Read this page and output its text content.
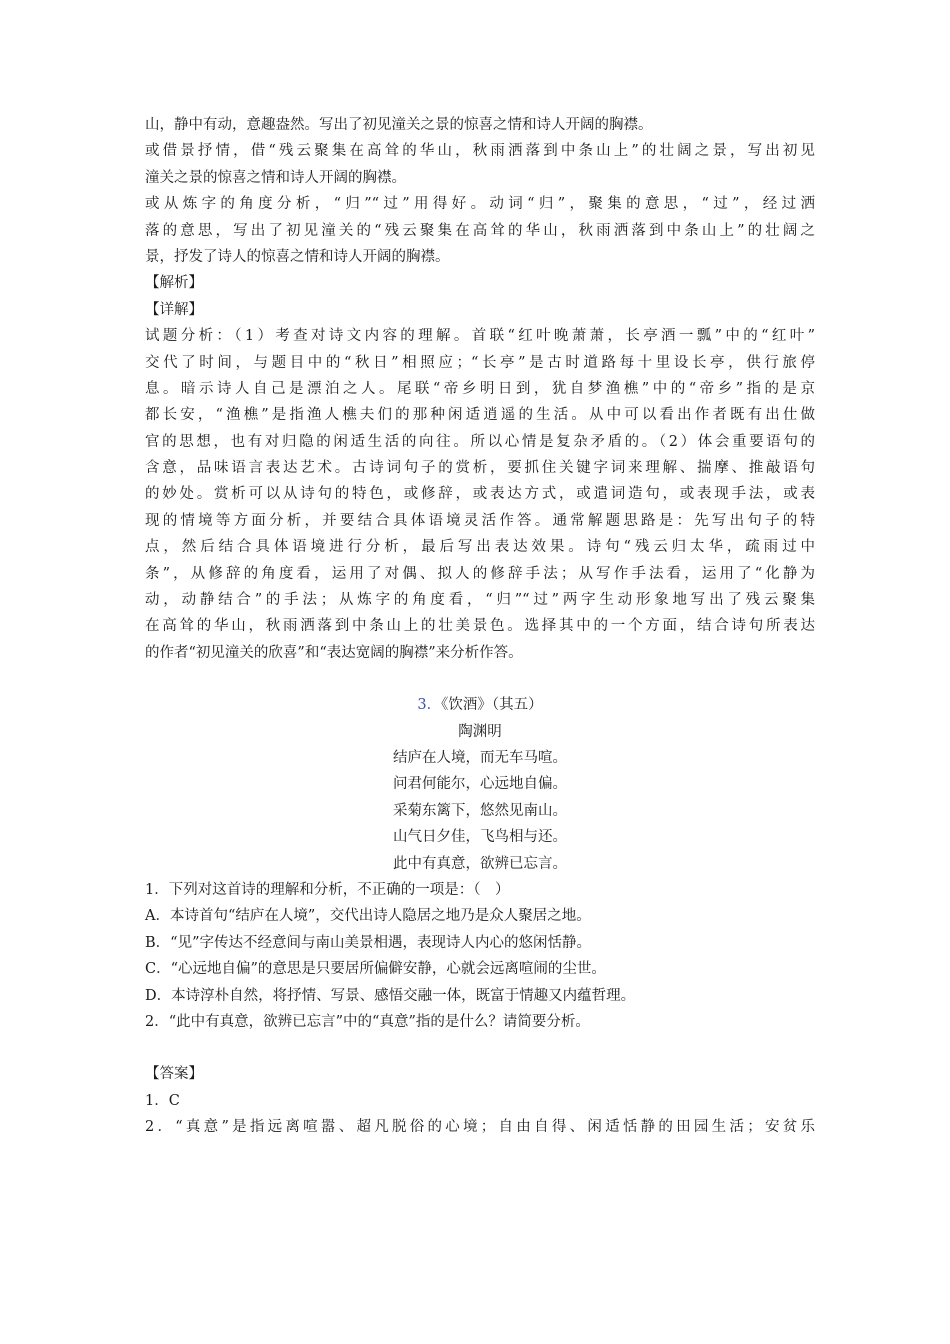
山，静中有动，意趣盎然。写出了初见潼关之景的惊喜之情和诗人开阔的胸襟。
或借景抒情，借“残云聚集在高耸的华山，秋雨洒落到中条山上”的壮阔之景，写出初见
潼关之景的惊喜之情和诗人开阔的胸襟。
或从炼字的角度分析，“归”“过”用得好。动词“归”，聚集的意思，“过”，经过洒
落的意思，写出了初见潼关的“残云聚集在高耸的华山，秋雨洒落到中条山上”的壮阔之
景，抒发了诗人的惊喜之情和诗人开阔的胸襟。
【解析】
【详解】
试题分析：（1）考查对诗文内容的理解。首联“红叶晚萧萧，长亭酒一瓢”中的“红叶”
交代了时间，与题目中的“秋日”相照应；“长亭”是古时道路每十里设长亭，供行旅停
息。暗示诗人自己是漂泊之人。尾联“帝乡明日到，犹自梦渔樵”中的“帝乡”指的是京
都长安，“渔樵”是指渔人樵夫们的那种闲适逍遥的生活。从中可以看出作者既有出仕做
官的思想，也有对归隐的闲适生活的向往。所以心情是复杂矛盾的。（2）体会重要语句的
含意，品味语言表达艺术。古诗词句子的赏析，要抓住关键字词来理解、揣摩、推敲语句
的妙处。赏析可以从诗句的特色，或修辞，或表达方式，或遣词造句，或表现手法，或表
现的情境等方面分析，并要结合具体语境灵活作答。通常解题思路是：先写出句子的特
点，然后结合具体语境进行分析，最后写出表达效果。诗句“残云归太华，疏雨过中
条”，从修辞的角度看，运用了对偶、拟人的修辞手法；从写作手法看，运用了“化静为
动，动静结合”的手法；从炼字的角度看，“归”“过”两字生动形象地写出了残云聚集
在高耸的华山，秋雨洒落到中条山上的壮美景色。选择其中的一个方面，结合诗句所表达
的作者“初见潼关的欣喜”和“表达宽阔的胸襟”来分析作答。
3．《饮酒》（其五）
陶渊明
结庐在人境，而无车马喧。
问君何能尔，心远地自偏。
采菊东篱下，悠然见南山。
山气日夕佳，飞鸟相与还。
此中有真意，欲辨已忘言。
1．下列对这首诗的理解和分析，不正确的一项是：（　）
A．本诗首句“结庐在人境”，交代出诗人隐居之地乃是众人聚居之地。
B．“见”字传达不经意间与南山美景相遇，表现诗人内心的悠闲恬静。
C．“心远地自偏”的意思是只要居所偏僻安静，心就会远离喧闹的尘世。
D．本诗淳朴自然，将抒情、写景、感悟交融一体，既富于情趣又内蕴哲理。
2．“此中有真意，欲辨已忘言”中的“真意”指的是什么？请简要分析。
【答案】
1．C
2．“真意”是指远离喧嚣、超凡脱俗的心境；自由自得、闲适恬静的田园生活；安贫乐
